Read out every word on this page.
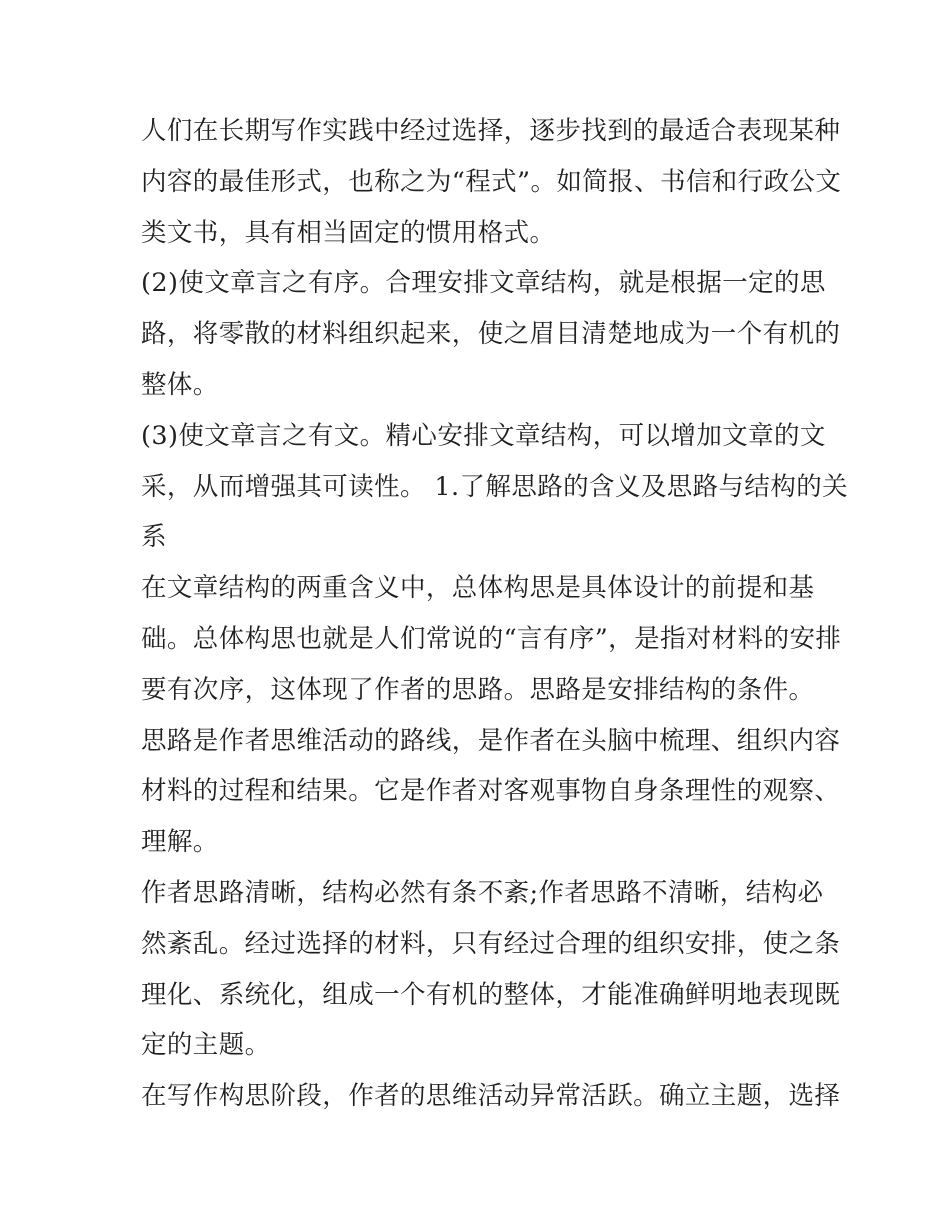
人们在长期写作实践中经过选择，逐步找到的最适合表现某种
内容的最佳形式，也称之为“程式”。如简报、书信和行政公文
类文书，具有相当固定的惯用格式。
(2)使文章言之有序。合理安排文章结构，就是根据一定的思
路，将零散的材料组织起来，使之眉目清楚地成为一个有机的
整体。
(3)使文章言之有文。精心安排文章结构，可以增加文章的文
采，从而增强其可读性。 1.了解思路的含义及思路与结构的关
系
在文章结构的两重含义中，总体构思是具体设计的前提和基
础。总体构思也就是人们常说的“言有序”，是指对材料的安排
要有次序，这体现了作者的思路。思路是安排结构的条件。
思路是作者思维活动的路线，是作者在头脑中梳理、组织内容
材料的过程和结果。它是作者对客观事物自身条理性的观察、
理解。
作者思路清晰，结构必然有条不紊;作者思路不清晰，结构必
然紊乱。经过选择的材料，只有经过合理的组织安排，使之条
理化、系统化，组成一个有机的整体，才能准确鲜明地表现既
定的主题。
在写作构思阶段，作者的思维活动异常活跃。确立主题，选择
